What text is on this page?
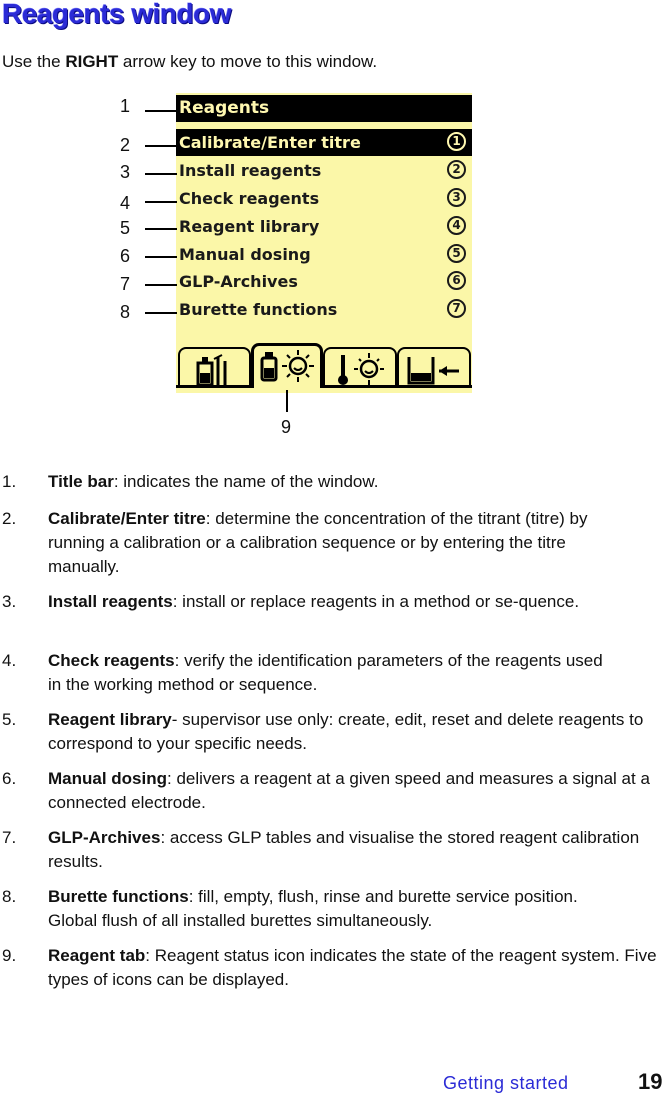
Reagents window

Use the RIGHT arrow key to move to this window.

Reagents
Calibrate/Enter titre	1
Install reagents	2
Check reagents	3
Reagent library	4
Manual dosing	5
GLP-Archives	6
Burette functions	7
1
2
3
4
5
6
7
8
9
1.	Title bar: indicates the name of the window.
2.	Calibrate/Enter titre: determine the concentration of the titrant (titre) by running a calibration or a calibration sequence or by entering the titre manually.
3.	Install reagents: install or replace reagents in a method or se-quence.
4.	Check reagents: verify the identification parameters of the reagents used in the working method or sequence.
5.	Reagent library- supervisor use only: create, edit, reset and delete reagents to correspond to your specific needs.
6.	Manual dosing: delivers a reagent at a given speed and measures a signal at a connected electrode.
7.	GLP-Archives: access GLP tables and visualise the stored reagent calibration results.
8.	Burette functions: fill, empty, flush, rinse and burette service position. Global flush of all installed burettes simultaneously.
9.	Reagent tab: Reagent status icon indicates the state of the reagent system. Five types of icons can be displayed.
Getting started	19
